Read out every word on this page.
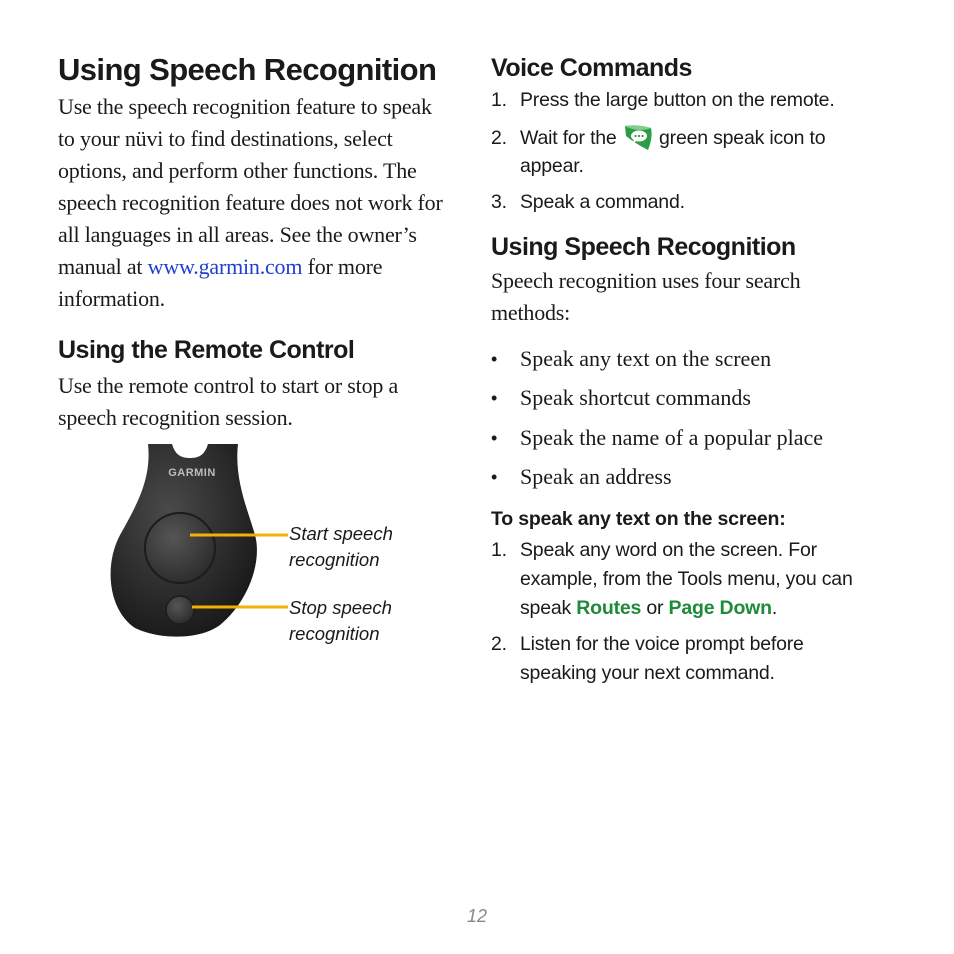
Using Speech Recognition
Use the speech recognition feature to speak
to your nüvi to find destinations, select
options, and perform other functions. The
speech recognition feature does not work for
all languages in all areas. See the owner’s
manual at www.garmin.com for more
information.
Using the Remote Control
Use the remote control to start or stop a
speech recognition session.
GARMIN
Start speech
recognition
Stop speech
recognition
Voice Commands
1. Press the large button on the remote.
2. Wait for the  green speak icon to
appear.
3. Speak a command.
Using Speech Recognition
Speech recognition uses four search
methods:
• Speak any text on the screen
• Speak shortcut commands
• Speak the name of a popular place
• Speak an address
To speak any text on the screen:
1. Speak any word on the screen. For
example, from the Tools menu, you can
speak Routes or Page Down.
2. Listen for the voice prompt before
speaking your next command.
12
